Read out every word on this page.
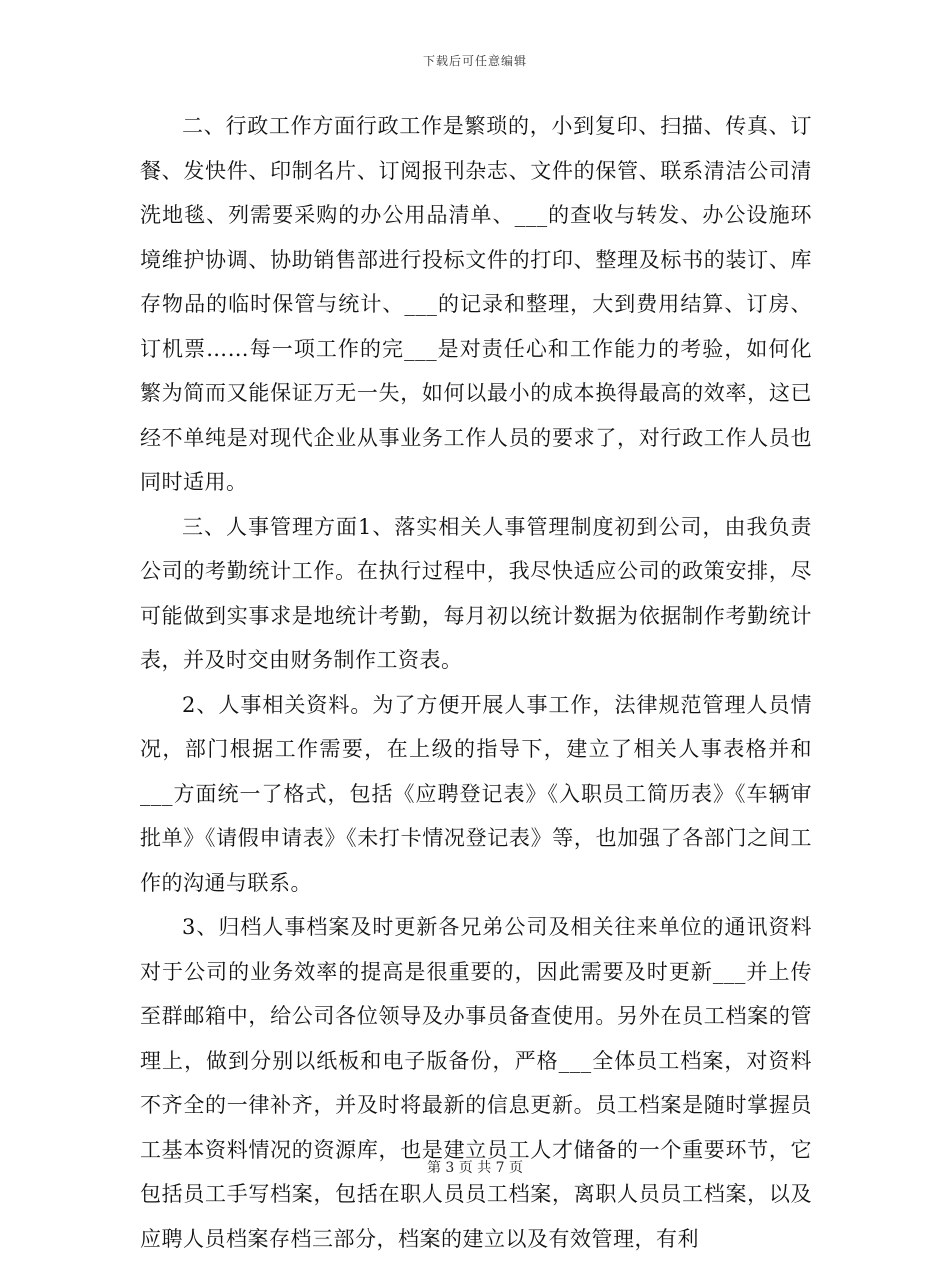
下载后可任意编辑

二、行政工作方面行政工作是繁琐的，小到复印、扫描、传真、订餐、发快件、印制名片、订阅报刊杂志、文件的保管、联系清洁公司清洗地毯、列需要采购的办公用品清单、___的查收与转发、办公设施环境维护协调、协助销售部进行投标文件的打印、整理及标书的装订、库存物品的临时保管与统计、___的记录和整理，大到费用结算、订房、订机票……每一项工作的完___是对责任心和工作能力的考验，如何化繁为简而又能保证万无一失，如何以最小的成本换得最高的效率，这已经不单纯是对现代企业从事业务工作人员的要求了，对行政工作人员也同时适用。

三、人事管理方面1、落实相关人事管理制度初到公司，由我负责公司的考勤统计工作。在执行过程中，我尽快适应公司的政策安排，尽可能做到实事求是地统计考勤，每月初以统计数据为依据制作考勤统计表，并及时交由财务制作工资表。

2、人事相关资料。为了方便开展人事工作，法律规范管理人员情况，部门根据工作需要，在上级的指导下，建立了相关人事表格并和___方面统一了格式，包括《应聘登记表》《入职员工简历表》《车辆审批单》《请假申请表》《未打卡情况登记表》等，也加强了各部门之间工作的沟通与联系。

3、归档人事档案及时更新各兄弟公司及相关往来单位的通讯资料对于公司的业务效率的提高是很重要的，因此需要及时更新___并上传至群邮箱中，给公司各位领导及办事员备查使用。另外在员工档案的管理上，做到分别以纸板和电子版备份，严格___全体员工档案，对资料不齐全的一律补齐，并及时将最新的信息更新。员工档案是随时掌握员工基本资料情况的资源库，也是建立员工人才储备的一个重要环节，它包括员工手写档案，包括在职人员员工档案，离职人员员工档案，以及应聘人员档案存档三部分，档案的建立以及有效管理，有利

第 3 页 共 7 页
